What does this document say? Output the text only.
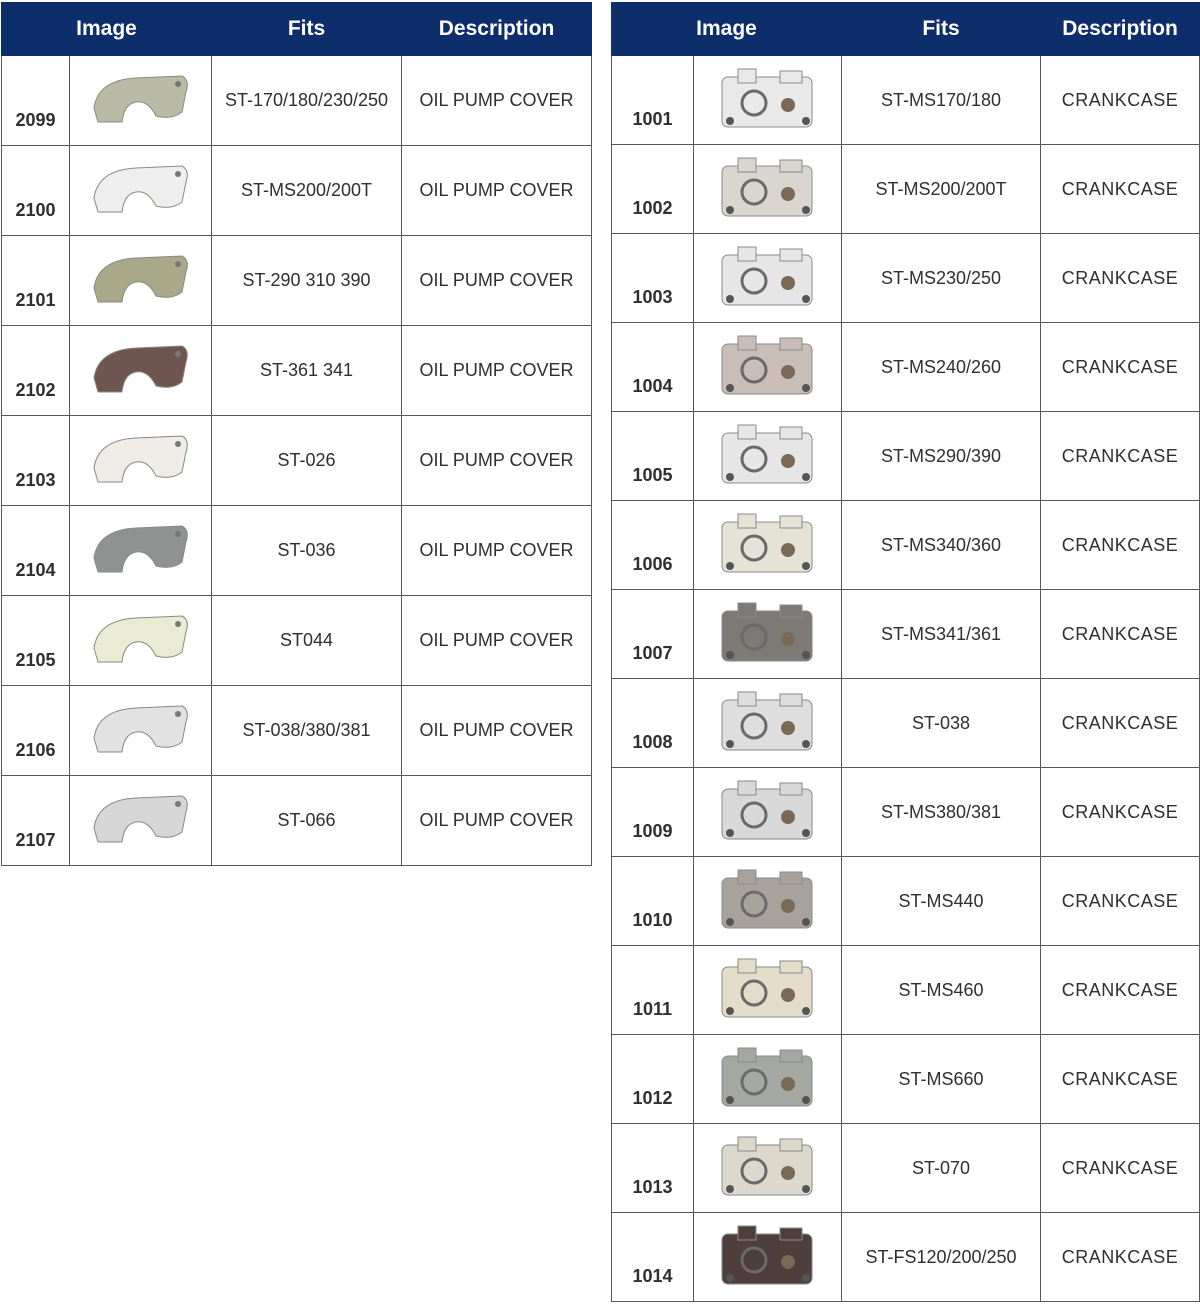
Image		Fits	Description
2099		ST-170/180/230/250	OIL PUMP COVER
2100		ST-MS200/200T	OIL PUMP COVER
2101		ST-290 310 390	OIL PUMP COVER
2102		ST-361 341	OIL PUMP COVER
2103		ST-026	OIL PUMP COVER
2104		ST-036	OIL PUMP COVER
2105		ST044	OIL PUMP COVER
2106		ST-038/380/381	OIL PUMP COVER
2107		ST-066	OIL PUMP COVER
Image		Fits	Description
1001		ST-MS170/180	CRANKCASE
1002		ST-MS200/200T	CRANKCASE
1003		ST-MS230/250	CRANKCASE
1004		ST-MS240/260	CRANKCASE
1005		ST-MS290/390	CRANKCASE
1006		ST-MS340/360	CRANKCASE
1007		ST-MS341/361	CRANKCASE
1008		ST-038	CRANKCASE
1009		ST-MS380/381	CRANKCASE
1010		ST-MS440	CRANKCASE
1011		ST-MS460	CRANKCASE
1012		ST-MS660	CRANKCASE
1013		ST-070	CRANKCASE
1014		ST-FS120/200/250	CRANKCASE
